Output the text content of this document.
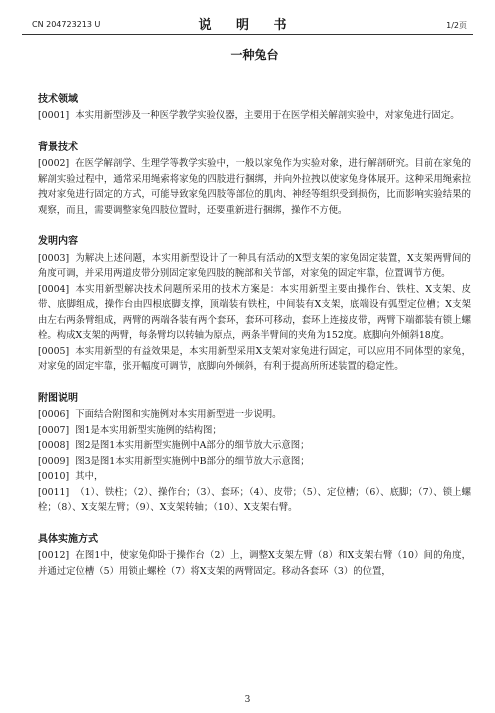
CN 204723213 U	说 明 书	1/2页
一种兔台
技术领域

[0001] 本实用新型涉及一种医学教学实验仪器，主要用于在医学相关解剖实验中，对家兔进行固定。

背景技术

[0002] 在医学解剖学、生理学等教学实验中，一般以家兔作为实验对象，进行解剖研究。目前在家兔的解剖实验过程中，通常采用绳索将家兔的四肢进行捆绑，并向外拉拽以使家兔身体展开。这种采用绳索拉拽对家兔进行固定的方式，可能导致家兔四肢等部位的肌肉、神经等组织受到损伤，比而影响实验结果的观察，而且，需要调整家兔四肢位置时，还要重新进行捆绑，操作不方便。

发明内容

[0003] 为解决上述问题，本实用新型设计了一种具有活动的X型支架的家兔固定装置，X支架两臂间的角度可调，并采用两道皮带分别固定家兔四肢的腕部和关节部，对家兔的固定牢靠，位置调节方便。

[0004] 本实用新型解决技术问题所采用的技术方案是：本实用新型主要由操作台、铁柱、X支架、皮带、底脚组成，操作台由四根底脚支撑，顶端装有铁柱，中间装有X支架，底端设有弧型定位槽；X支架由左右两条臂组成，两臂的两端各装有两个套环，套环可移动，套环上连接皮带，两臂下端都装有锁上螺栓。构成X支架的两臂，每条臂均以转轴为原点，两条半臂间的夹角为152度。底脚向外倾斜18度。

[0005] 本实用新型的有益效果是，本实用新型采用X支架对家兔进行固定，可以应用不同体型的家兔，对家兔的固定牢靠，张开幅度可调节，底脚向外倾斜，有利于提高所所述装置的稳定性。

附图说明

[0006] 下面结合附图和实施例对本实用新型进一步说明。

[0007] 图1是本实用新型实施例的结构图；

[0008] 图2是图1本实用新型实施例中A部分的细节放大示意图；

[0009] 图3是图1本实用新型实施例中B部分的细节放大示意图；

[0010] 其中，

[0011] （1）、铁柱；（2）、操作台；（3）、套环；（4）、皮带；（5）、定位槽；（6）、底脚；（7）、锁上螺栓；（8）、X支架左臂；（9）、X支架转轴；（10）、X支架右臂。

具体实施方式

[0012] 在图1中，使家兔仰卧于操作台（2）上，调整X支架左臂（8）和X支架右臂（10）间的角度，并通过定位槽（5）用锁止螺栓（7）将X支架的两臂固定。移动各套环（3）的位置，

3
